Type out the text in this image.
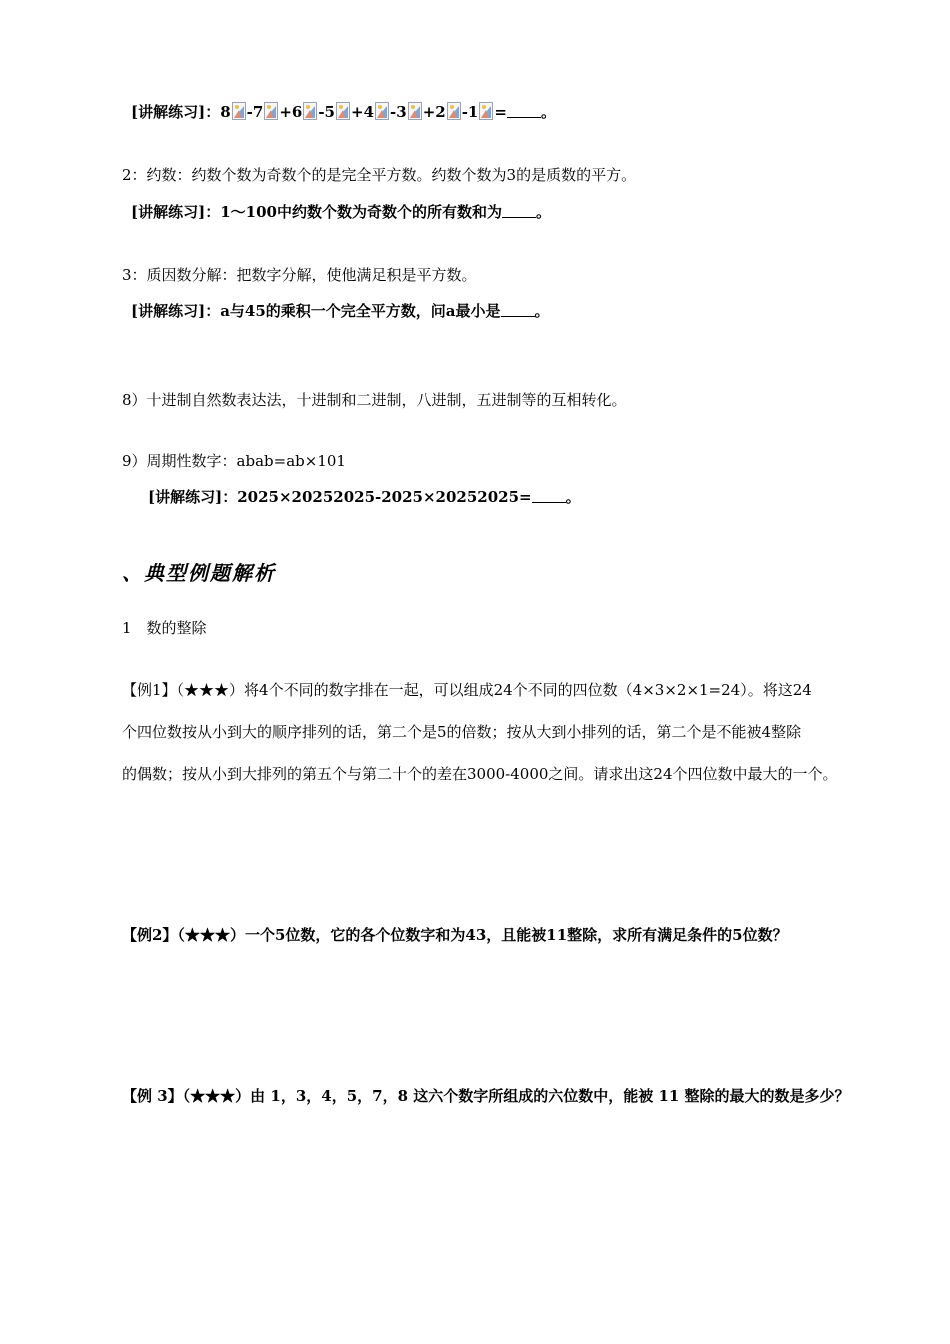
[讲解练习]：8 -7 +6 -5 +4 -3 +2 -1 = 。
2：约数：约数个数为奇数个的是完全平方数。约数个数为3的是质数的平方。
[讲解练习]：1～100中约数个数为奇数个的所有数和为 。
3：质因数分解：把数字分解，使他满足积是平方数。
[讲解练习]：a与45的乘积一个完全平方数，问a最小是 。
8）十进制自然数表达法，十进制和二进制，八进制，五进制等的互相转化。
9）周期性数字：abab=ab×101
[讲解练习]：2025×20252025-2025×20252025= 。
、典型例题解析
1　数的整除
【例1】（★★★）将4个不同的数字排在一起，可以组成24个不同的四位数（4×3×2×1=24）。将这24
个四位数按从小到大的顺序排列的话，第二个是5的倍数；按从大到小排列的话，第二个是不能被4整除
的偶数；按从小到大排列的第五个与第二十个的差在3000-4000之间。请求出这24个四位数中最大的一个。
【例2】（★★★）一个5位数，它的各个位数字和为43，且能被11整除，求所有满足条件的5位数？
【例 3】（★★★）由 1，3，4，5，7，8 这六个数字所组成的六位数中，能被 11 整除的最大的数是多少？
